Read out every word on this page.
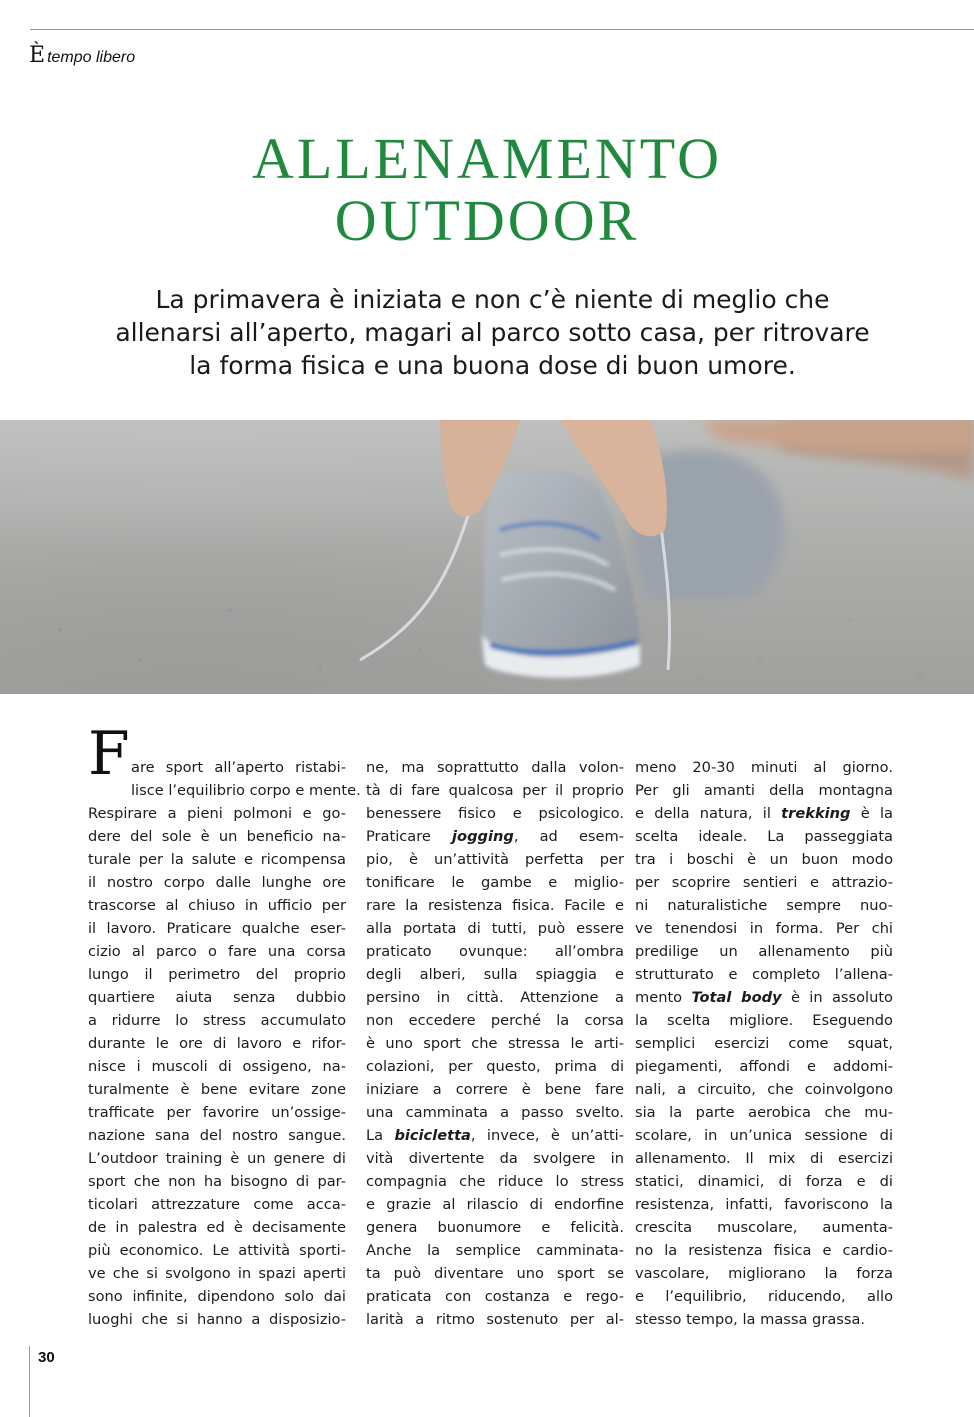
È tempo libero
ALLENAMENTO
OUTDOOR

La primavera è iniziata e non c’è niente di meglio che
allenarsi all’aperto, magari al parco sotto casa, per ritrovare
la forma fisica e una buona dose di buon umore.

F are sport all’aperto ristabi-
lisce l’equilibrio corpo e mente.
Respirare a pieni polmoni e go-
dere del sole è un beneficio na-
turale per la salute e ricompensa
il nostro corpo dalle lunghe ore
trascorse al chiuso in ufficio per
il lavoro. Praticare qualche eser-
cizio al parco o fare una corsa
lungo il perimetro del proprio
quartiere aiuta senza dubbio
a ridurre lo stress accumulato
durante le ore di lavoro e rifor-
nisce i muscoli di ossigeno, na-
turalmente è bene evitare zone
trafficate per favorire un’ossige-
nazione sana del nostro sangue.
L’outdoor training è un genere di
sport che non ha bisogno di par-
ticolari attrezzature come acca-
de in palestra ed è decisamente
più economico. Le attività sporti-
ve che si svolgono in spazi aperti
sono infinite, dipendono solo dai
luoghi che si hanno a disposizio-
ne, ma soprattutto dalla volon-
tà di fare qualcosa per il proprio
benessere fisico e psicologico.
Praticare jogging, ad esem-
pio, è un’attività perfetta per
tonificare le gambe e miglio-
rare la resistenza fisica. Facile e
alla portata di tutti, può essere
praticato ovunque: all’ombra
degli alberi, sulla spiaggia e
persino in città. Attenzione a
non eccedere perché la corsa
è uno sport che stressa le arti-
colazioni, per questo, prima di
iniziare a correre è bene fare
una camminata a passo svelto.
La bicicletta, invece, è un’atti-
vità divertente da svolgere in
compagnia che riduce lo stress
e grazie al rilascio di endorfine
genera buonumore e felicità.
Anche la semplice camminata-
ta può diventare uno sport se
praticata con costanza e rego-
larità a ritmo sostenuto per al-
meno 20-30 minuti al giorno.
Per gli amanti della montagna
e della natura, il trekking è la
scelta ideale. La passeggiata
tra i boschi è un buon modo
per scoprire sentieri e attrazio-
ni naturalistiche sempre nuo-
ve tenendosi in forma. Per chi
predilige un allenamento più
strutturato e completo l’allena-
mento Total body è in assoluto
la scelta migliore. Eseguendo
semplici esercizi come squat,
piegamenti, affondi e addomi-
nali, a circuito, che coinvolgono
sia la parte aerobica che mu-
scolare, in un’unica sessione di
allenamento. Il mix di esercizi
statici, dinamici, di forza e di
resistenza, infatti, favoriscono la
crescita muscolare, aumenta-
no la resistenza fisica e cardio-
vascolare, migliorano la forza
e l’equilibrio, riducendo, allo
stesso tempo, la massa grassa.
30
